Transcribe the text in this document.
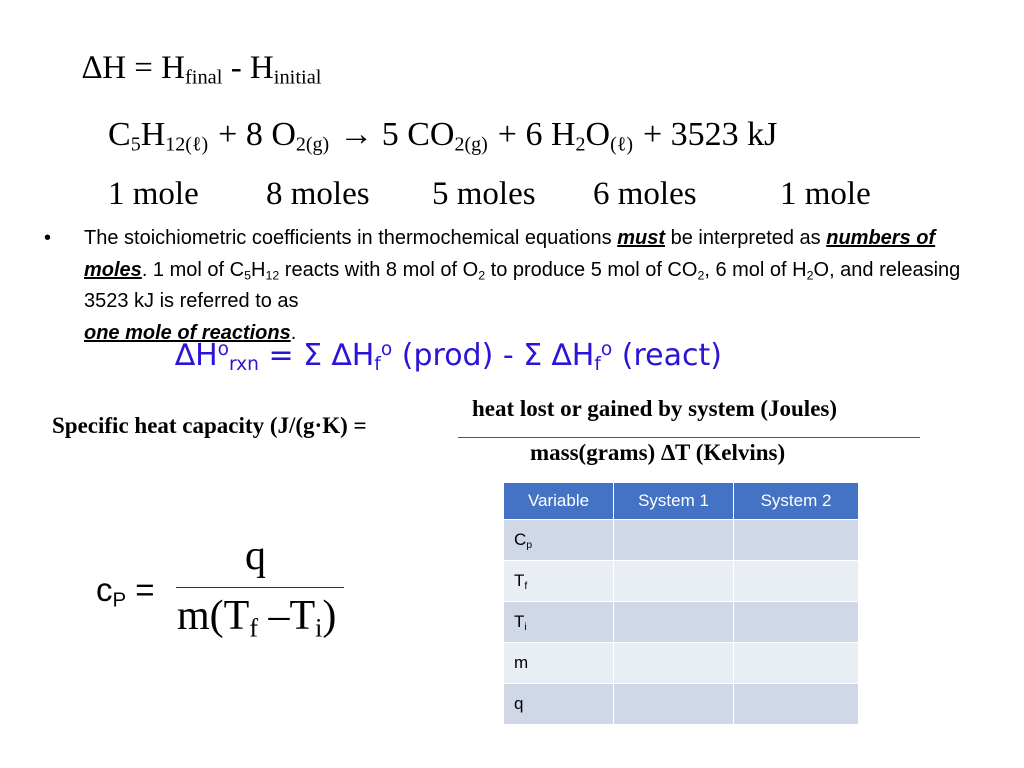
$\Delta H = H_{final} - H_{initial}$
$C_5H_{12(\ell)} + 8$ $O_{2(g)} \to 5$ $CO_{2(g)} + 6$ $H_2O_{(\ell)} + 3523$ kJ
1 mole 8 moles 5 moles 6 moles	1 mole
• The stoichiometric coefficients in thermochemical equations must be interpreted as numbers of moles. 1 mol of $C_5H_{12}$ reacts with 8 mol of $O_2$ to produce 5 mol of $CO_2$, 6 mol of $H_2O$, and releasing 3523 kJ is referred to as
one mole of reactions.
$\Delta H^o_{rxn} = \Sigma$ $\Delta H_f^o$ (prod) - Σ $\Delta H_f^o$ (react)
Specific heat capacity (J/(g·K) =
heat lost or gained by system (Joules)
mass(grams) ∆T (Kelvins)
$c_P$ =
q
$m(T_f$ $-T_i$)
Variable	System 1	System 2
$C_p$		
$T_f$		
$T_i$		
m		
q		
